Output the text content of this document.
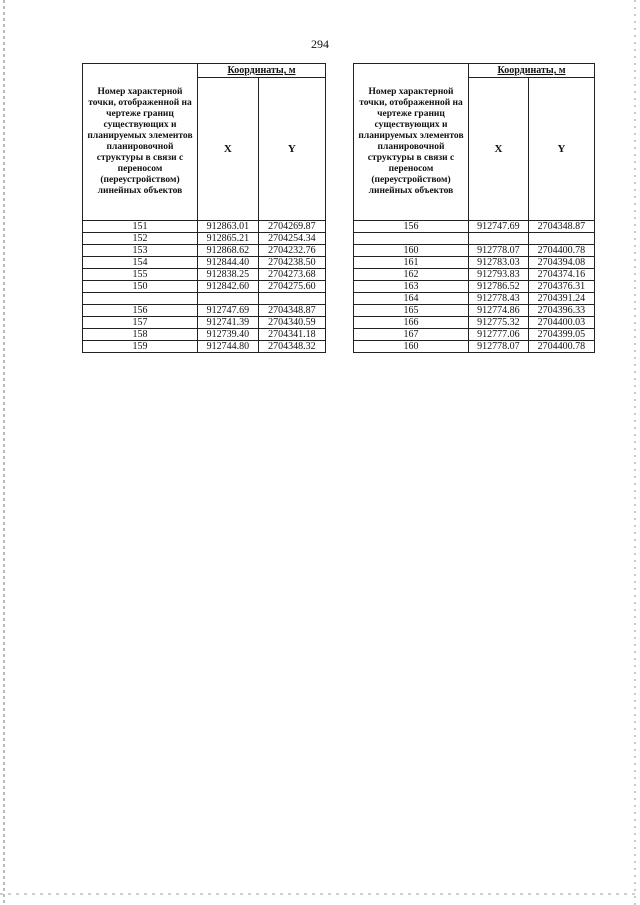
294
Номер характерной точки, отображенной на чертеже границ существующих и планируемых элементов планировочной структуры в связи с переносом (переустройством) линейных объектов	Координаты, м	
	X	Y
151	912863.01	2704269.87
152	912865.21	2704254.34
153	912868.62	2704232.76
154	912844.40	2704238.50
155	912838.25	2704273.68
150	912842.60	2704275.60

156	912747.69	2704348.87
157	912741.39	2704340.59
158	912739.40	2704341.18
159	912744.80	2704348.32
Номер характерной точки, отображенной на чертеже границ существующих и планируемых элементов планировочной структуры в связи с переносом (переустройством) линейных объектов	Координаты, м	
	X	Y
156	912747.69	2704348.87

160	912778.07	2704400.78
161	912783.03	2704394.08
162	912793.83	2704374.16
163	912786.52	2704376.31
164	912778.43	2704391.24
165	912774.86	2704396.33
166	912775.32	2704400.03
167	912777.06	2704399.05
160	912778.07	2704400.78
